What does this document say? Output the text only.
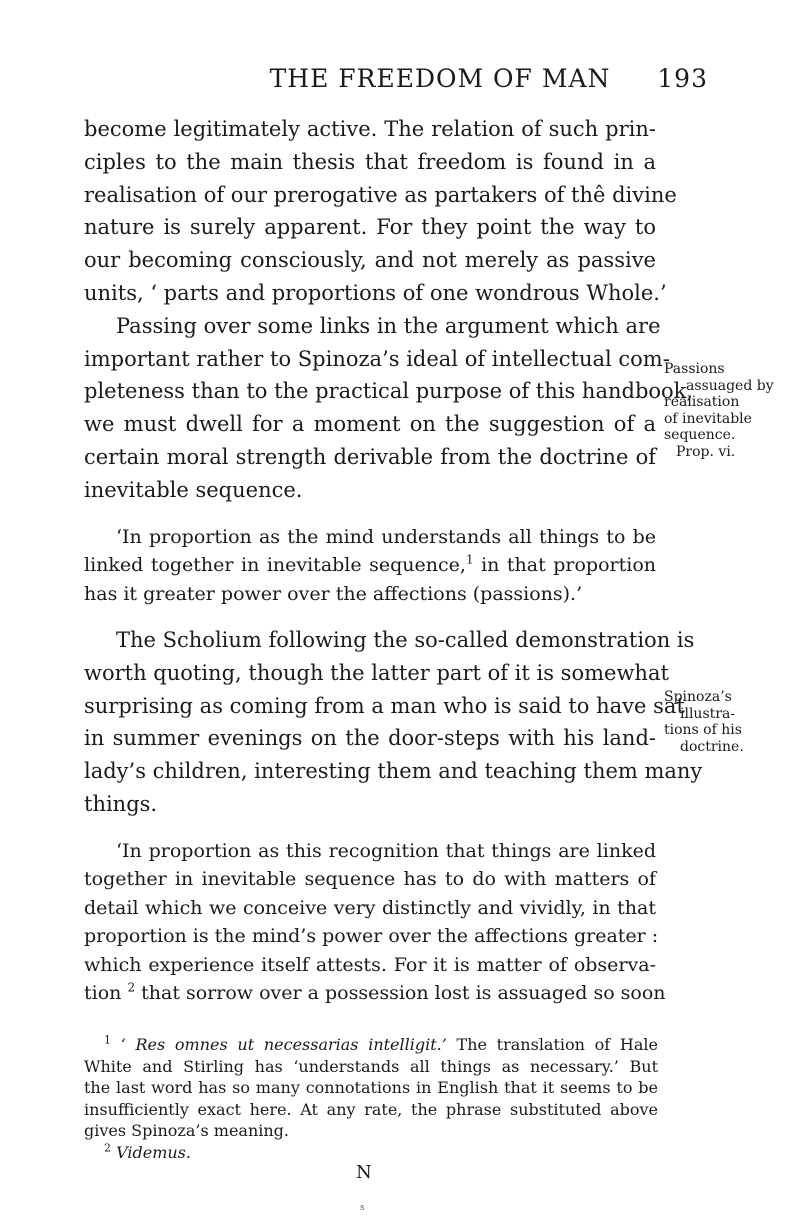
THE FREEDOM OF MAN 193
become legitimately active. The relation of such prin-
ciples to the main thesis that freedom is found in a
realisation of our prerogative as partakers of thê divine
nature is surely apparent. For they point the way to
our becoming consciously, and not merely as passive
units, ‘ parts and proportions of one wondrous Whole.’
Passing over some links in the argument which are
important rather to Spinoza’s ideal of intellectual com-
pleteness than to the practical purpose of this handbook,
we must dwell for a moment on the suggestion of a
certain moral strength derivable from the doctrine of
inevitable sequence.
‘In proportion as the mind understands all things to be
linked together in inevitable sequence,$^1$ in that proportion
has it greater power over the affections (passions).’
The Scholium following the so-called demonstration is
worth quoting, though the latter part of it is somewhat
surprising as coming from a man who is said to have sat
in summer evenings on the door-steps with his land-
lady’s children, interesting them and teaching them many
things.
‘In proportion as this recognition that things are linked
together in inevitable sequence has to do with matters of
detail which we conceive very distinctly and vividly, in that
proportion is the mind’s power over the affections greater :
which experience itself attests. For it is matter of observa-
tion $^2$ that sorrow over a possession lost is assuaged so soon
$^1$ ‘ Res omnes ut necessarias intelligit.’ The translation of Hale
White and Stirling has ‘understands all things as necessary.’ But
the last word has so many connotations in English that it seems to be
insufficiently exact here. At any rate, the phrase substituted above
gives Spinoza’s meaning.
$^2$ Videmus.
Passions
assuaged by
realisation
of inevitable
sequence.
Prop. vi.
Spinoza’s
illustra-
tions of his
doctrine.
N
s
